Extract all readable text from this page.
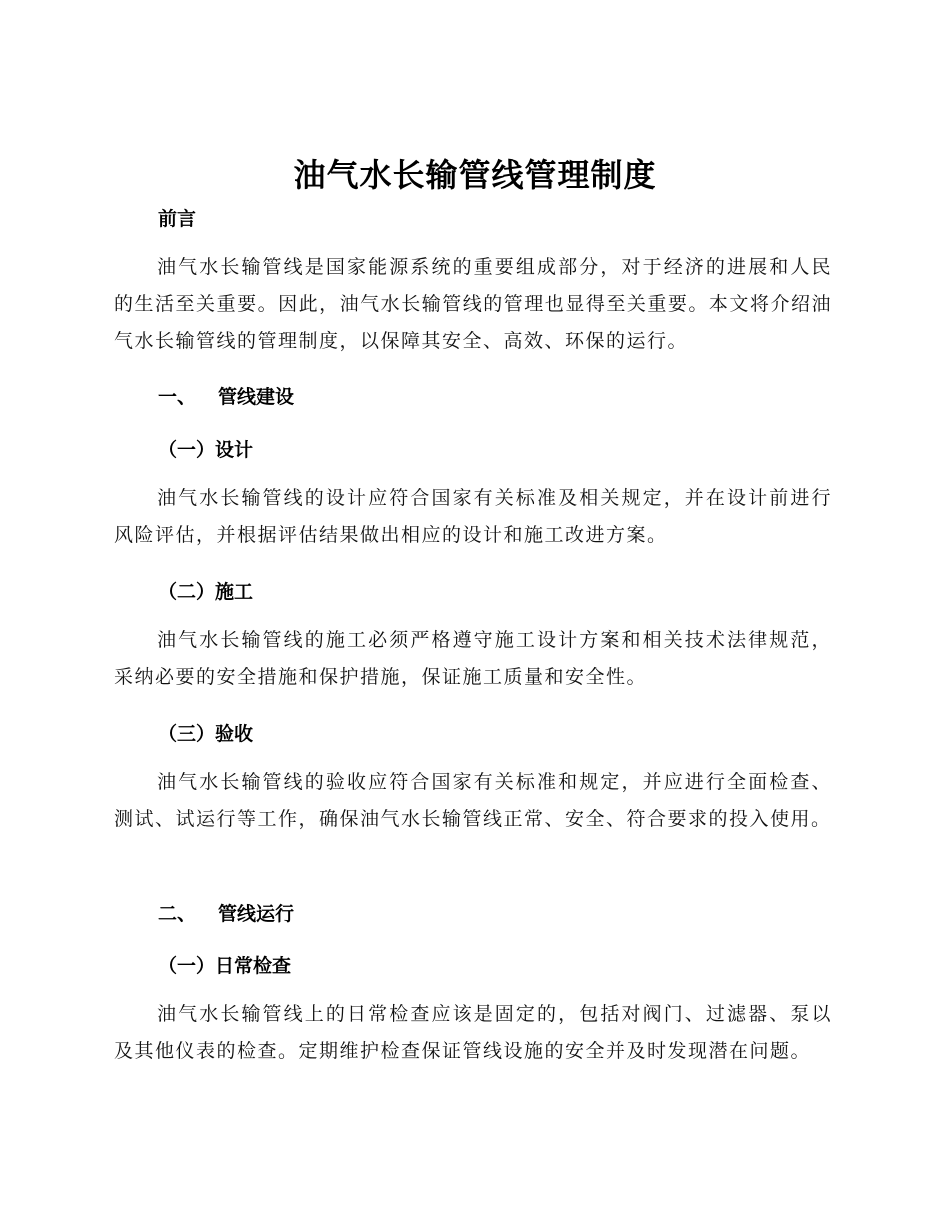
油气水长输管线管理制度
前言
油气水长输管线是国家能源系统的重要组成部分，对于经济的进展和人民的生活至关重要。因此，油气水长输管线的管理也显得至关重要。本文将介绍油气水长输管线的管理制度，以保障其安全、高效、环保的运行。
一、 管线建设
（一）设计
油气水长输管线的设计应符合国家有关标准及相关规定，并在设计前进行风险评估，并根据评估结果做出相应的设计和施工改进方案。
（二）施工
油气水长输管线的施工必须严格遵守施工设计方案和相关技术法律规范，采纳必要的安全措施和保护措施，保证施工质量和安全性。
（三）验收
油气水长输管线的验收应符合国家有关标准和规定，并应进行全面检查、测试、试运行等工作，确保油气水长输管线正常、安全、符合要求的投入使用。
二、 管线运行
（一）日常检查
油气水长输管线上的日常检查应该是固定的，包括对阀门、过滤器、泵以及其他仪表的检查。定期维护检查保证管线设施的安全并及时发现潜在问题。
